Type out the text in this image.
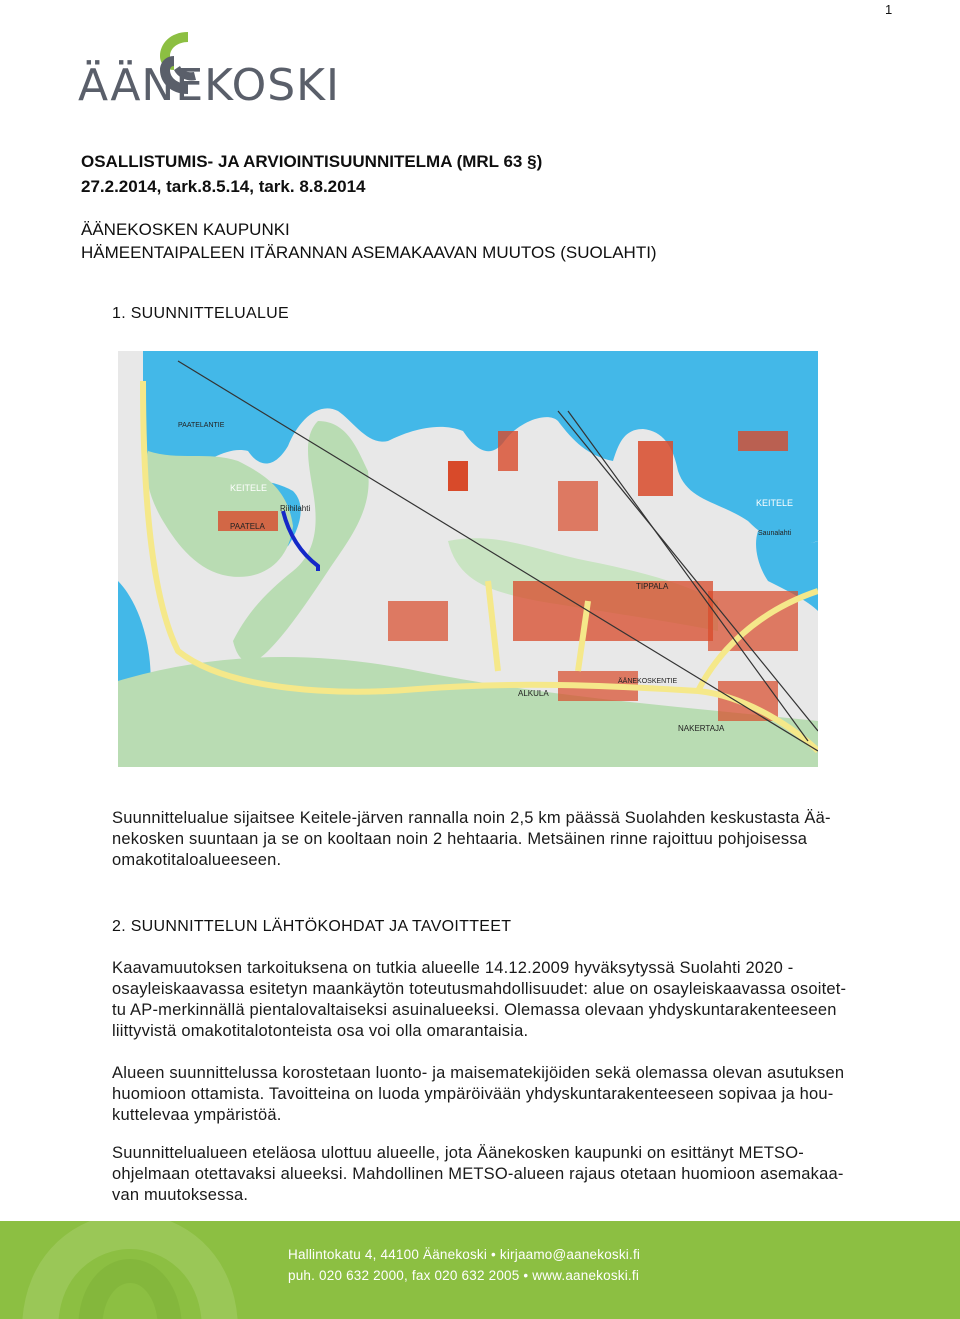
1
ÄÄNEKOSKI
OSALLISTUMIS- JA ARVIOINTISUUNNITELMA (MRL 63 §)
27.2.2014, tark.8.5.14, tark. 8.8.2014
ÄÄNEKOSKEN KAUPUNKI
HÄMEENTAIPALEEN ITÄRANNAN ASEMAKAAVAN MUUTOS (SUOLAHTI)
1. SUUNNITTELUALUE
KEITELE
KEITELE
Saunalahti
Riihilahti
PAATELA
TIPPALA
ALKULA
ÄÄNEKOSKENTIE
NAKERTAJA
PAATELANTIE
Suunnittelualue sijaitsee Keitele-järven rannalla noin 2,5 km päässä Suolahden keskustasta Ää-
nekosken suuntaan ja se on kooltaan noin 2 hehtaaria. Metsäinen rinne rajoittuu pohjoisessa
omakotitaloalueeseen.
2. SUUNNITTELUN LÄHTÖKOHDAT JA TAVOITTEET
Kaavamuutoksen tarkoituksena on tutkia alueelle 14.12.2009 hyväksytyssä Suolahti 2020 -
osayleiskaavassa esitetyn maankäytön toteutusmahdollisuudet: alue on osayleiskaavassa osoitet-
tu AP-merkinnällä pientalovaltaiseksi asuinalueeksi. Olemassa olevaan yhdyskuntarakenteeseen
liittyvistä omakotitalotonteista osa voi olla omarantaisia.
Alueen suunnittelussa korostetaan luonto- ja maisematekijöiden sekä olemassa olevan asutuksen
huomioon ottamista. Tavoitteina on luoda ympäröivään yhdyskuntarakenteeseen sopivaa ja hou-
kuttelevaa ympäristöä.
Suunnittelualueen eteläosa ulottuu alueelle, jota Äänekosken kaupunki on esittänyt METSO-
ohjelmaan otettavaksi alueeksi. Mahdollinen METSO-alueen rajaus otetaan huomioon asemakaa-
van muutoksessa.
Hallintokatu 4, 44100 Äänekoski • kirjaamo@aanekoski.fi
puh. 020 632 2000, fax 020 632 2005 • www.aanekoski.fi
